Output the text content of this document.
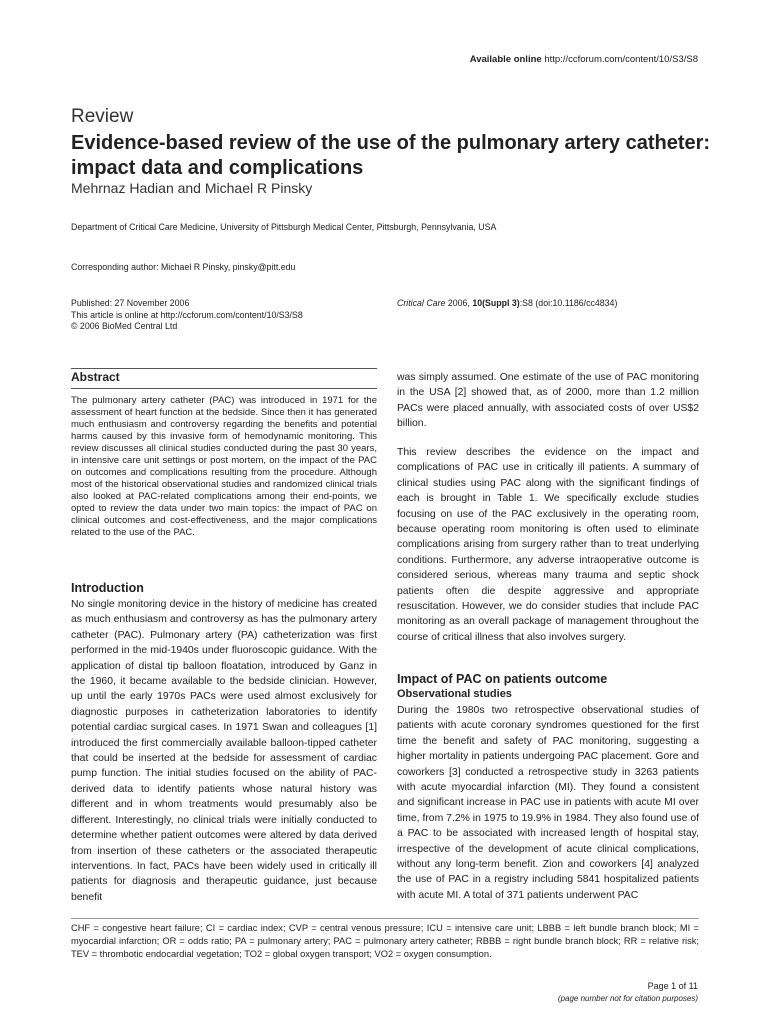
Available online http://ccforum.com/content/10/S3/S8
Review
Evidence-based review of the use of the pulmonary artery catheter: impact data and complications
Mehrnaz Hadian and Michael R Pinsky
Department of Critical Care Medicine, University of Pittsburgh Medical Center, Pittsburgh, Pennsylvania, USA
Corresponding author: Michael R Pinsky, pinsky@pitt.edu
Published: 27 November 2006
This article is online at http://ccforum.com/content/10/S3/S8
© 2006 BioMed Central Ltd
Critical Care 2006, 10(Suppl 3):S8 (doi:10.1186/cc4834)
Abstract
The pulmonary artery catheter (PAC) was introduced in 1971 for the assessment of heart function at the bedside. Since then it has generated much enthusiasm and controversy regarding the benefits and potential harms caused by this invasive form of hemodynamic monitoring. This review discusses all clinical studies conducted during the past 30 years, in intensive care unit settings or post mortem, on the impact of the PAC on outcomes and complications resulting from the procedure. Although most of the historical observational studies and randomized clinical trials also looked at PAC-related complications among their end-points, we opted to review the data under two main topics: the impact of PAC on clinical outcomes and cost-effectiveness, and the major complications related to the use of the PAC.
Introduction
No single monitoring device in the history of medicine has created as much enthusiasm and controversy as has the pulmonary artery catheter (PAC). Pulmonary artery (PA) catheterization was first performed in the mid-1940s under fluoroscopic guidance. With the application of distal tip balloon floatation, introduced by Ganz in the 1960, it became available to the bedside clinician. However, up until the early 1970s PACs were used almost exclusively for diagnostic purposes in catheterization laboratories to identify potential cardiac surgical cases. In 1971 Swan and colleagues [1] introduced the first commercially available balloon-tipped catheter that could be inserted at the bedside for assessment of cardiac pump function. The initial studies focused on the ability of PAC-derived data to identify patients whose natural history was different and in whom treatments would presumably also be different. Interestingly, no clinical trials were initially conducted to determine whether patient outcomes were altered by data derived from insertion of these catheters or the associated therapeutic interventions. In fact, PACs have been widely used in critically ill patients for diagnosis and therapeutic guidance, just because benefit
was simply assumed. One estimate of the use of PAC monitoring in the USA [2] showed that, as of 2000, more than 1.2 million PACs were placed annually, with associated costs of over US$2 billion.
This review describes the evidence on the impact and complications of PAC use in critically ill patients. A summary of clinical studies using PAC along with the significant findings of each is brought in Table 1. We specifically exclude studies focusing on use of the PAC exclusively in the operating room, because operating room monitoring is often used to eliminate complications arising from surgery rather than to treat underlying conditions. Furthermore, any adverse intraoperative outcome is considered serious, whereas many trauma and septic shock patients often die despite aggressive and appropriate resuscitation. However, we do consider studies that include PAC monitoring as an overall package of management throughout the course of critical illness that also involves surgery.
Impact of PAC on patients outcome
Observational studies
During the 1980s two retrospective observational studies of patients with acute coronary syndromes questioned for the first time the benefit and safety of PAC monitoring, suggesting a higher mortality in patients undergoing PAC placement. Gore and coworkers [3] conducted a retrospective study in 3263 patients with acute myocardial infarction (MI). They found a consistent and significant increase in PAC use in patients with acute MI over time, from 7.2% in 1975 to 19.9% in 1984. They also found use of a PAC to be associated with increased length of hospital stay, irrespective of the development of acute clinical complications, without any long-term benefit. Zion and coworkers [4] analyzed the use of PAC in a registry including 5841 hospitalized patients with acute MI. A total of 371 patients underwent PAC
CHF = congestive heart failure; CI = cardiac index; CVP = central venous pressure; ICU = intensive care unit; LBBB = left bundle branch block; MI = myocardial infarction; OR = odds ratio; PA = pulmonary artery; PAC = pulmonary artery catheter; RBBB = right bundle branch block; RR = relative risk; TEV = thrombotic endocardial vegetation; TO2 = global oxygen transport; VO2 = oxygen consumption.
Page 1 of 11
(page number not for citation purposes)
